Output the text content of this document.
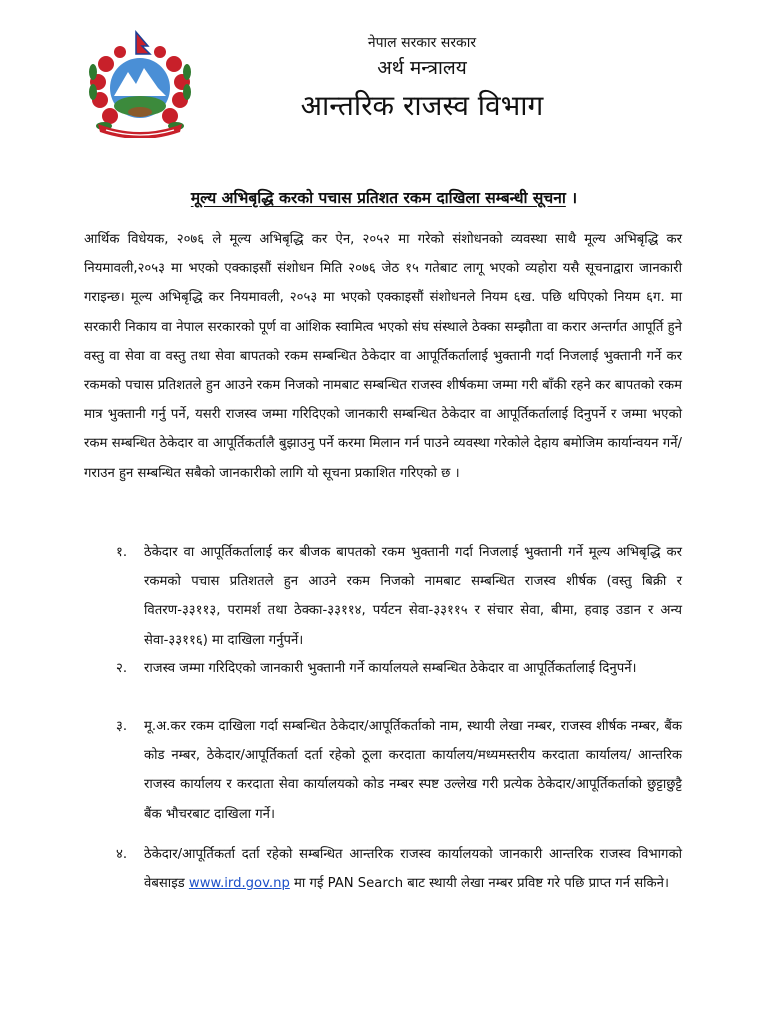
नेपाल सरकार सरकार
अर्थ मन्त्रालय
आन्तरिक राजस्व विभाग
मूल्य अभिबृद्धि करको पचास प्रतिशत रकम दाखिला सम्बन्धी सूचना ।

आर्थिक विधेयक, २०७६ ले मूल्य अभिबृद्धि कर ऐन, २०५२ मा गरेको संशोधनको व्यवस्था साथै मूल्य अभिबृद्धि कर नियमावली,२०५३ मा भएको एक्काइसौं संशोधन मिति २०७६ जेठ १५ गतेबाट लागू भएको व्यहोरा यसै सूचनाद्वारा जानकारी गराइन्छ। मूल्य अभिबृद्धि कर नियमावली, २०५३ मा भएको एक्काइसौं संशोधनले नियम ६ख. पछि थपिएको नियम ६ग. मा सरकारी निकाय वा नेपाल सरकारको पूर्ण वा आंशिक स्वामित्व भएको संघ संस्थाले ठेक्का सम्झौता वा करार अन्तर्गत आपूर्ति हुने वस्तु वा सेवा वा वस्तु तथा सेवा बापतको रकम सम्बन्धित ठेकेदार वा आपूर्तिकर्तालाई भुक्तानी गर्दा निजलाई भुक्तानी गर्ने कर रकमको पचास प्रतिशतले हुन आउने रकम निजको नामबाट सम्बन्धित राजस्व शीर्षकमा जम्मा गरी बाँकी रहने कर बापतको रकम मात्र भुक्तानी गर्नु पर्ने, यसरी राजस्व जम्मा गरिदिएको जानकारी सम्बन्धित ठेकेदार वा आपूर्तिकर्तालाई दिनुपर्ने र जम्मा भएको रकम सम्बन्धित ठेकेदार वा आपूर्तिकर्तालै बुझाउनु पर्ने करमा मिलान गर्न पाउने व्यवस्था गरेकोले देहाय बमोजिम कार्यान्वयन गर्ने/गराउन हुन सम्बन्धित सबैको जानकारीको लागि यो सूचना प्रकाशित गरिएको छ ।

१.	ठेकेदार वा आपूर्तिकर्तालाई कर बीजक बापतको रकम भुक्तानी गर्दा निजलाई भुक्तानी गर्ने मूल्य अभिबृद्धि कर रकमको पचास प्रतिशतले हुन आउने रकम निजको नामबाट सम्बन्धित राजस्व शीर्षक (वस्तु बिक्री र वितरण-३३११३, परामर्श तथा ठेक्का-३३११४, पर्यटन सेवा-३३११५ र संचार सेवा, बीमा, हवाइ उडान र अन्य सेवा-३३११६) मा दाखिला गर्नुपर्ने।
२.	राजस्व जम्मा गरिदिएको जानकारी भुक्तानी गर्ने कार्यालयले सम्बन्धित ठेकेदार वा आपूर्तिकर्तालाई दिनुपर्ने।
३.	मू.अ.कर रकम दाखिला गर्दा सम्बन्धित ठेकेदार/आपूर्तिकर्ताको नाम, स्थायी लेखा नम्बर, राजस्व शीर्षक नम्बर, बैंक कोड नम्बर, ठेकेदार/आपूर्तिकर्ता दर्ता रहेको ठूला करदाता कार्यालय/मध्यमस्तरीय करदाता कार्यालय/ आन्तरिक राजस्व कार्यालय र करदाता सेवा कार्यालयको कोड नम्बर स्पष्ट उल्लेख गरी प्रत्येक ठेकेदार/आपूर्तिकर्ताको छुट्टाछुट्टै बैंक भौचरबाट दाखिला गर्ने।
४.	ठेकेदार/आपूर्तिकर्ता दर्ता रहेको सम्बन्धित आन्तरिक राजस्व कार्यालयको जानकारी आन्तरिक राजस्व विभागको वेबसाइड www.ird.gov.np मा गई PAN Search बाट स्थायी लेखा नम्बर प्रविष्ट गरे पछि प्राप्त गर्न सकिने।
